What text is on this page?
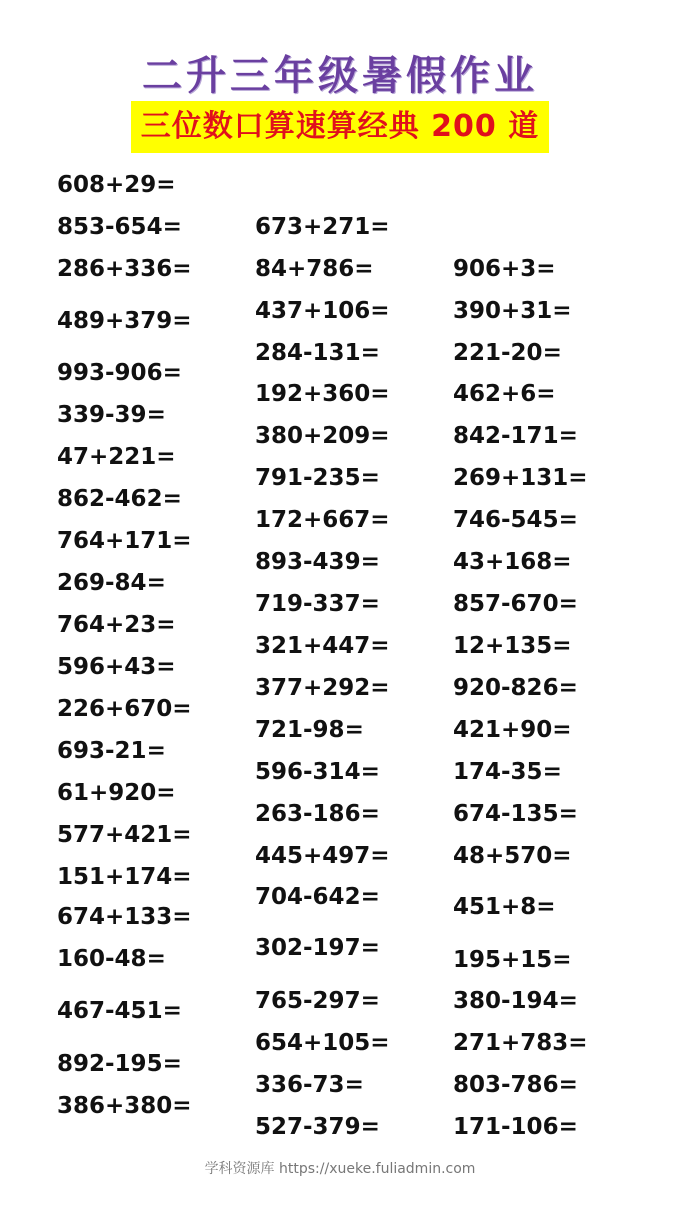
二升三年级暑假作业
三位数口算速算经典 200 道
608+29=
853-654=
286+336=
489+379=
993-906=
339-39=
47+221=
862-462=
764+171=
269-84=
764+23=
596+43=
226+670=
693-21=
61+920=
577+421=
151+174=
674+133=
160-48=
467-451=
892-195=
386+380=
673+271=
84+786=
437+106=
284-131=
192+360=
380+209=
791-235=
172+667=
893-439=
719-337=
321+447=
377+292=
721-98=
596-314=
263-186=
445+497=
704-642=
302-197=
765-297=
654+105=
336-73=
527-379=
906+3=
390+31=
221-20=
462+6=
842-171=
269+131=
746-545=
43+168=
857-670=
12+135=
920-826=
421+90=
174-35=
674-135=
48+570=
451+8=
195+15=
380-194=
271+783=
803-786=
171-106=
学科资源库 https://xueke.fuliadmin.com
